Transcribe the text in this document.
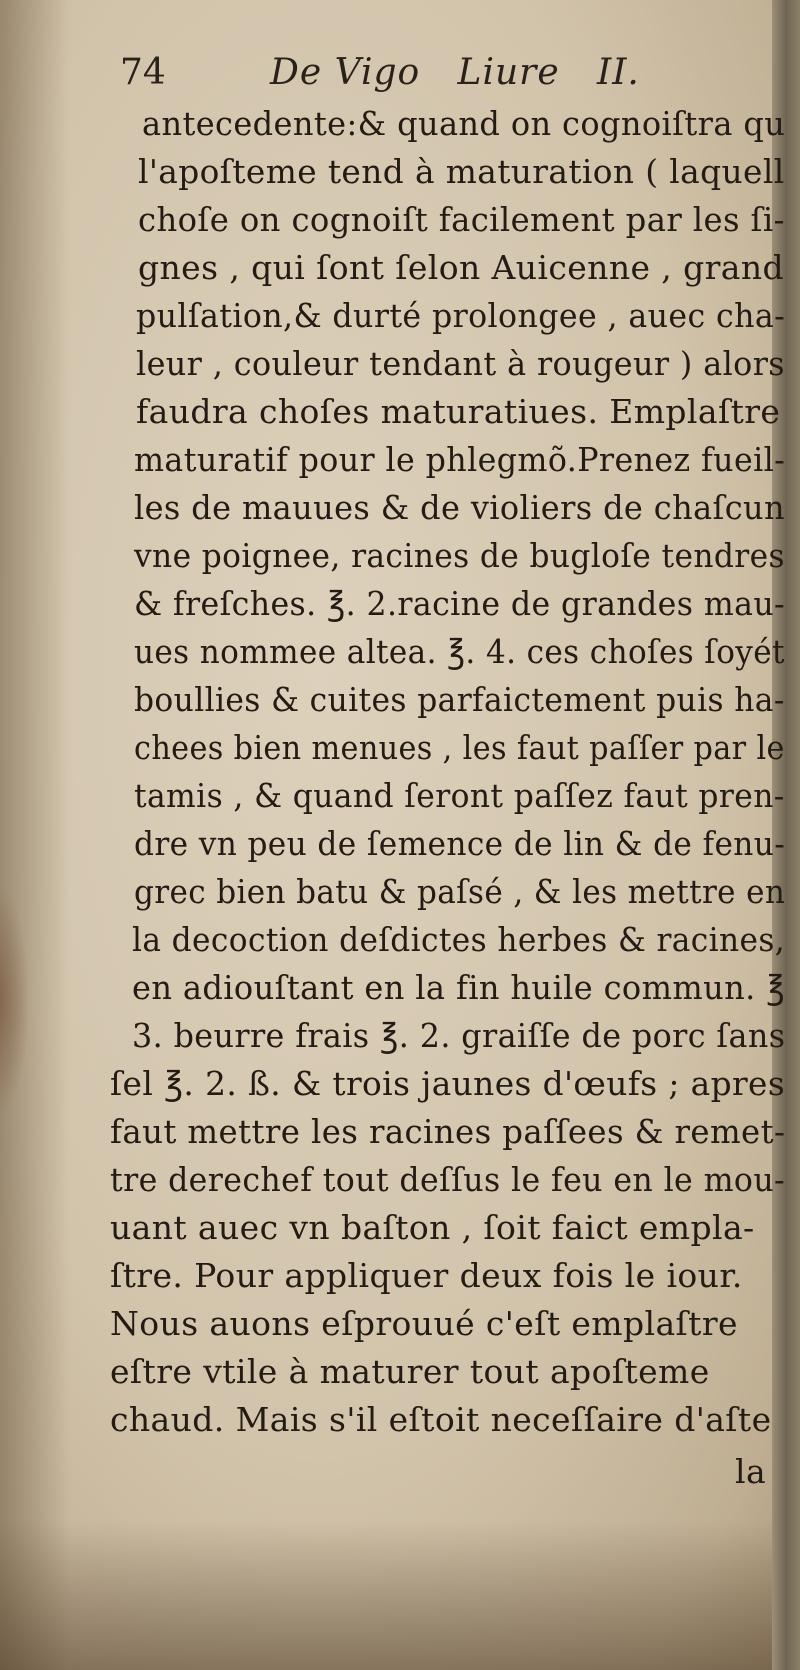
74	De Vigo   Liure   II.
antecedente:& quand on cognoiſtra qu
l'apoſteme tend à maturation ( laquell
choſe on cognoiſt facilement par les ſi-
gnes , qui ſont ſelon Auicenne , grand
pulſation,& durté prolongee , auec cha-
leur , couleur tendant à rougeur ) alors
faudra choſes maturatiues. Emplaſtre
maturatif pour le phlegmõ.Prenez fueil-
les de mauues & de violiers de chaſcun
vne poignee, racines de bugloſe tendres
& freſches. ℥. 2.racine de grandes mau-
ues nommee altea. ℥. 4. ces choſes ſoyét
boullies & cuites parfaictement puis ha-
chees bien menues , les faut paſſer par le
tamis , & quand ſeront paſſez faut pren-
dre vn peu de ſemence de lin & de fenu-
grec bien batu & paſsé , & les mettre en
la decoction deſdictes herbes & racines,
en adiouſtant en la fin huile commun. ℥
3. beurre frais ℥. 2. graiſſe de porc ſans
ſel ℥. 2. ß. & trois jaunes d'œufs ; apres
faut mettre les racines paſſees & remet-
tre derechef tout deſſus le feu en le mou-
uant auec vn baſton , ſoit faict empla-
ſtre. Pour appliquer deux fois le iour.
Nous auons eſprouué c'eſt emplaſtre
eſtre vtile à maturer tout apoſteme
chaud. Mais s'il eſtoit neceſſaire d'aſte
la
